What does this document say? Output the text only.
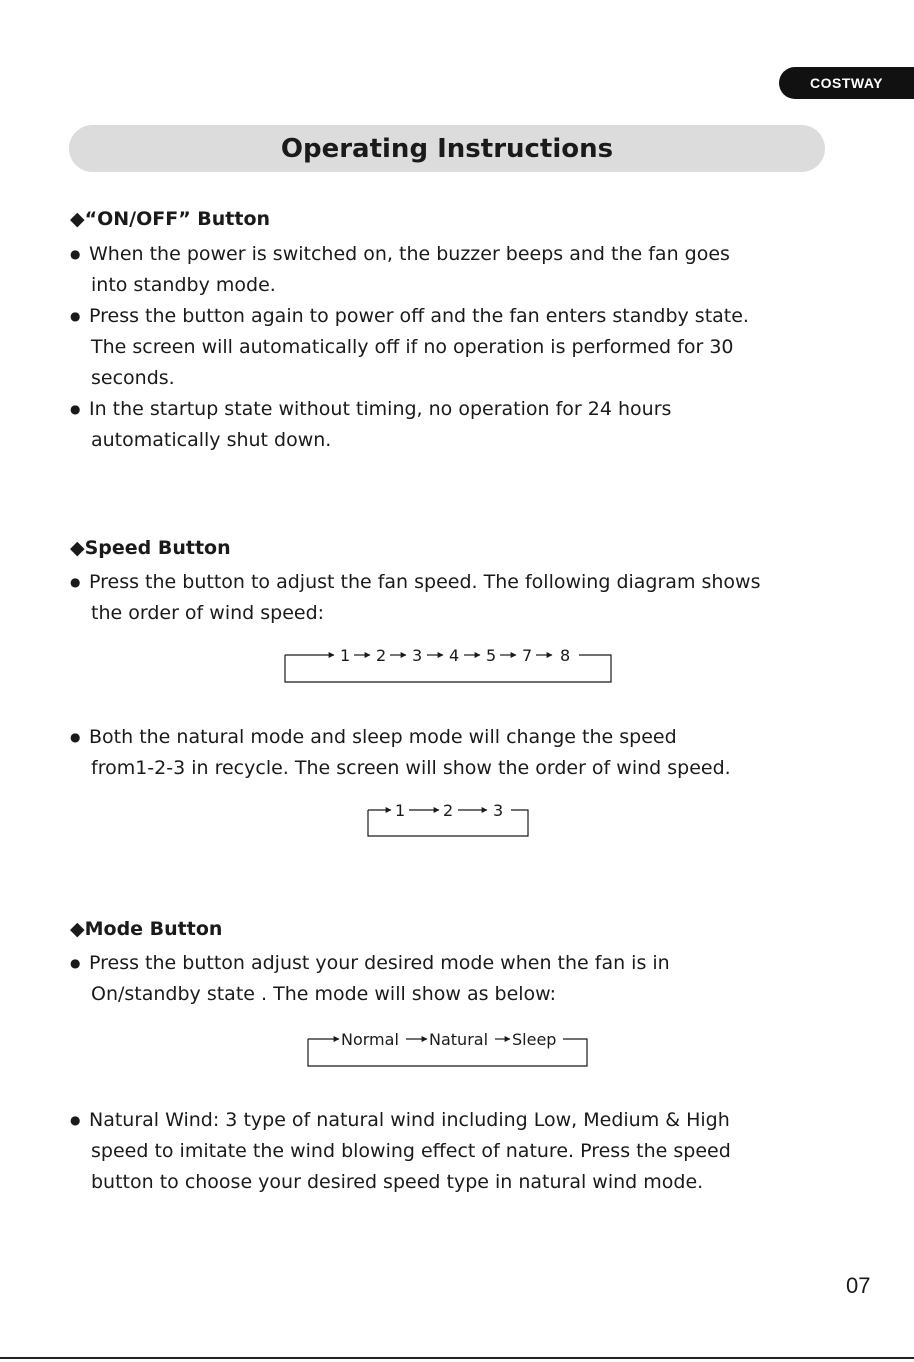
COSTWAY
Operating Instructions
◆“ON/OFF” Button

● When the power is switched on, the buzzer beeps and the fan goes
into standby mode.

● Press the button again to power off and the fan enters standby state.
The screen will automatically off if no operation is performed for 30
seconds.

● In the startup state without timing, no operation for 24 hours
automatically shut down.

◆Speed Button

● Press the button to adjust the fan speed. The following diagram shows
the order of wind speed:

1 2 3 4 5 7 8

● Both the natural mode and sleep mode will change the speed
from1-2-3 in recycle. The screen will show the order of wind speed.

1 2 3
◆Mode Button

● Press the button adjust your desired mode when the fan is in
On/standby state . The mode will show as below:

Normal Natural Sleep

● Natural Wind: 3 type of natural wind including Low, Medium & High
speed to imitate the wind blowing effect of nature. Press the speed
button to choose your desired speed type in natural wind mode.

07
